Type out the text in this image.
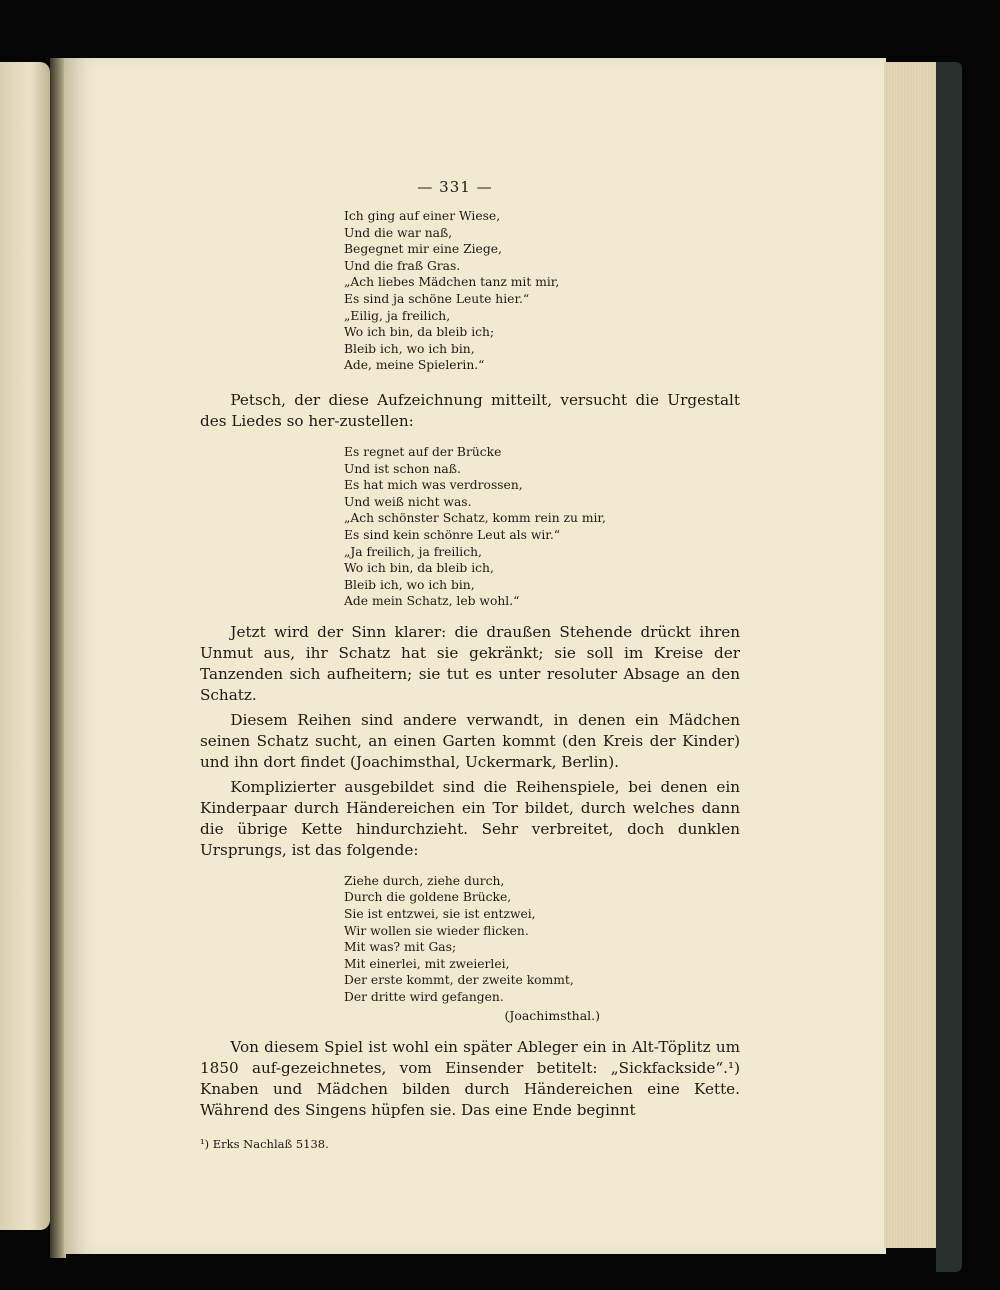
— 331 —
Ich ging auf einer Wiese,
Und die war naß,
Begegnet mir eine Ziege,
Und die fraß Gras.
„Ach liebes Mädchen tanz mit mir,
Es sind ja schöne Leute hier.“
„Eilig, ja freilich,
Wo ich bin, da bleib ich;
Bleib ich, wo ich bin,
Ade, meine Spielerin.“

Petsch, der diese Aufzeichnung mitteilt, versucht die Urgestalt des Liedes so her-zustellen:

Es regnet auf der Brücke
Und ist schon naß.
Es hat mich was verdrossen,
Und weiß nicht was.
„Ach schönster Schatz, komm rein zu mir,
Es sind kein schönre Leut als wir.“
„Ja freilich, ja freilich,
Wo ich bin, da bleib ich,
Bleib ich, wo ich bin,
Ade mein Schatz, leb wohl.“

Jetzt wird der Sinn klarer: die draußen Stehende drückt ihren Unmut aus, ihr Schatz hat sie gekränkt; sie soll im Kreise der Tanzenden sich aufheitern; sie tut es unter resoluter Absage an den Schatz.

Diesem Reihen sind andere verwandt, in denen ein Mädchen seinen Schatz sucht, an einen Garten kommt (den Kreis der Kinder) und ihn dort findet (Joachimsthal, Uckermark, Berlin).

Komplizierter ausgebildet sind die Reihenspiele, bei denen ein Kinderpaar durch Händereichen ein Tor bildet, durch welches dann die übrige Kette hindurchzieht. Sehr verbreitet, doch dunklen Ursprungs, ist das folgende:

Ziehe durch, ziehe durch,
Durch die goldene Brücke,
Sie ist entzwei, sie ist entzwei,
Wir wollen sie wieder flicken.
Mit was? mit Gas;
Mit einerlei, mit zweierlei,
Der erste kommt, der zweite kommt,
Der dritte wird gefangen.
(Joachimsthal.)

Von diesem Spiel ist wohl ein später Ableger ein in Alt-Töplitz um 1850 auf-gezeichnetes, vom Einsender betitelt: „Sickfackside“.¹) Knaben und Mädchen bilden durch Händereichen eine Kette. Während des Singens hüpfen sie. Das eine Ende beginnt

¹) Erks Nachlaß 5138.
